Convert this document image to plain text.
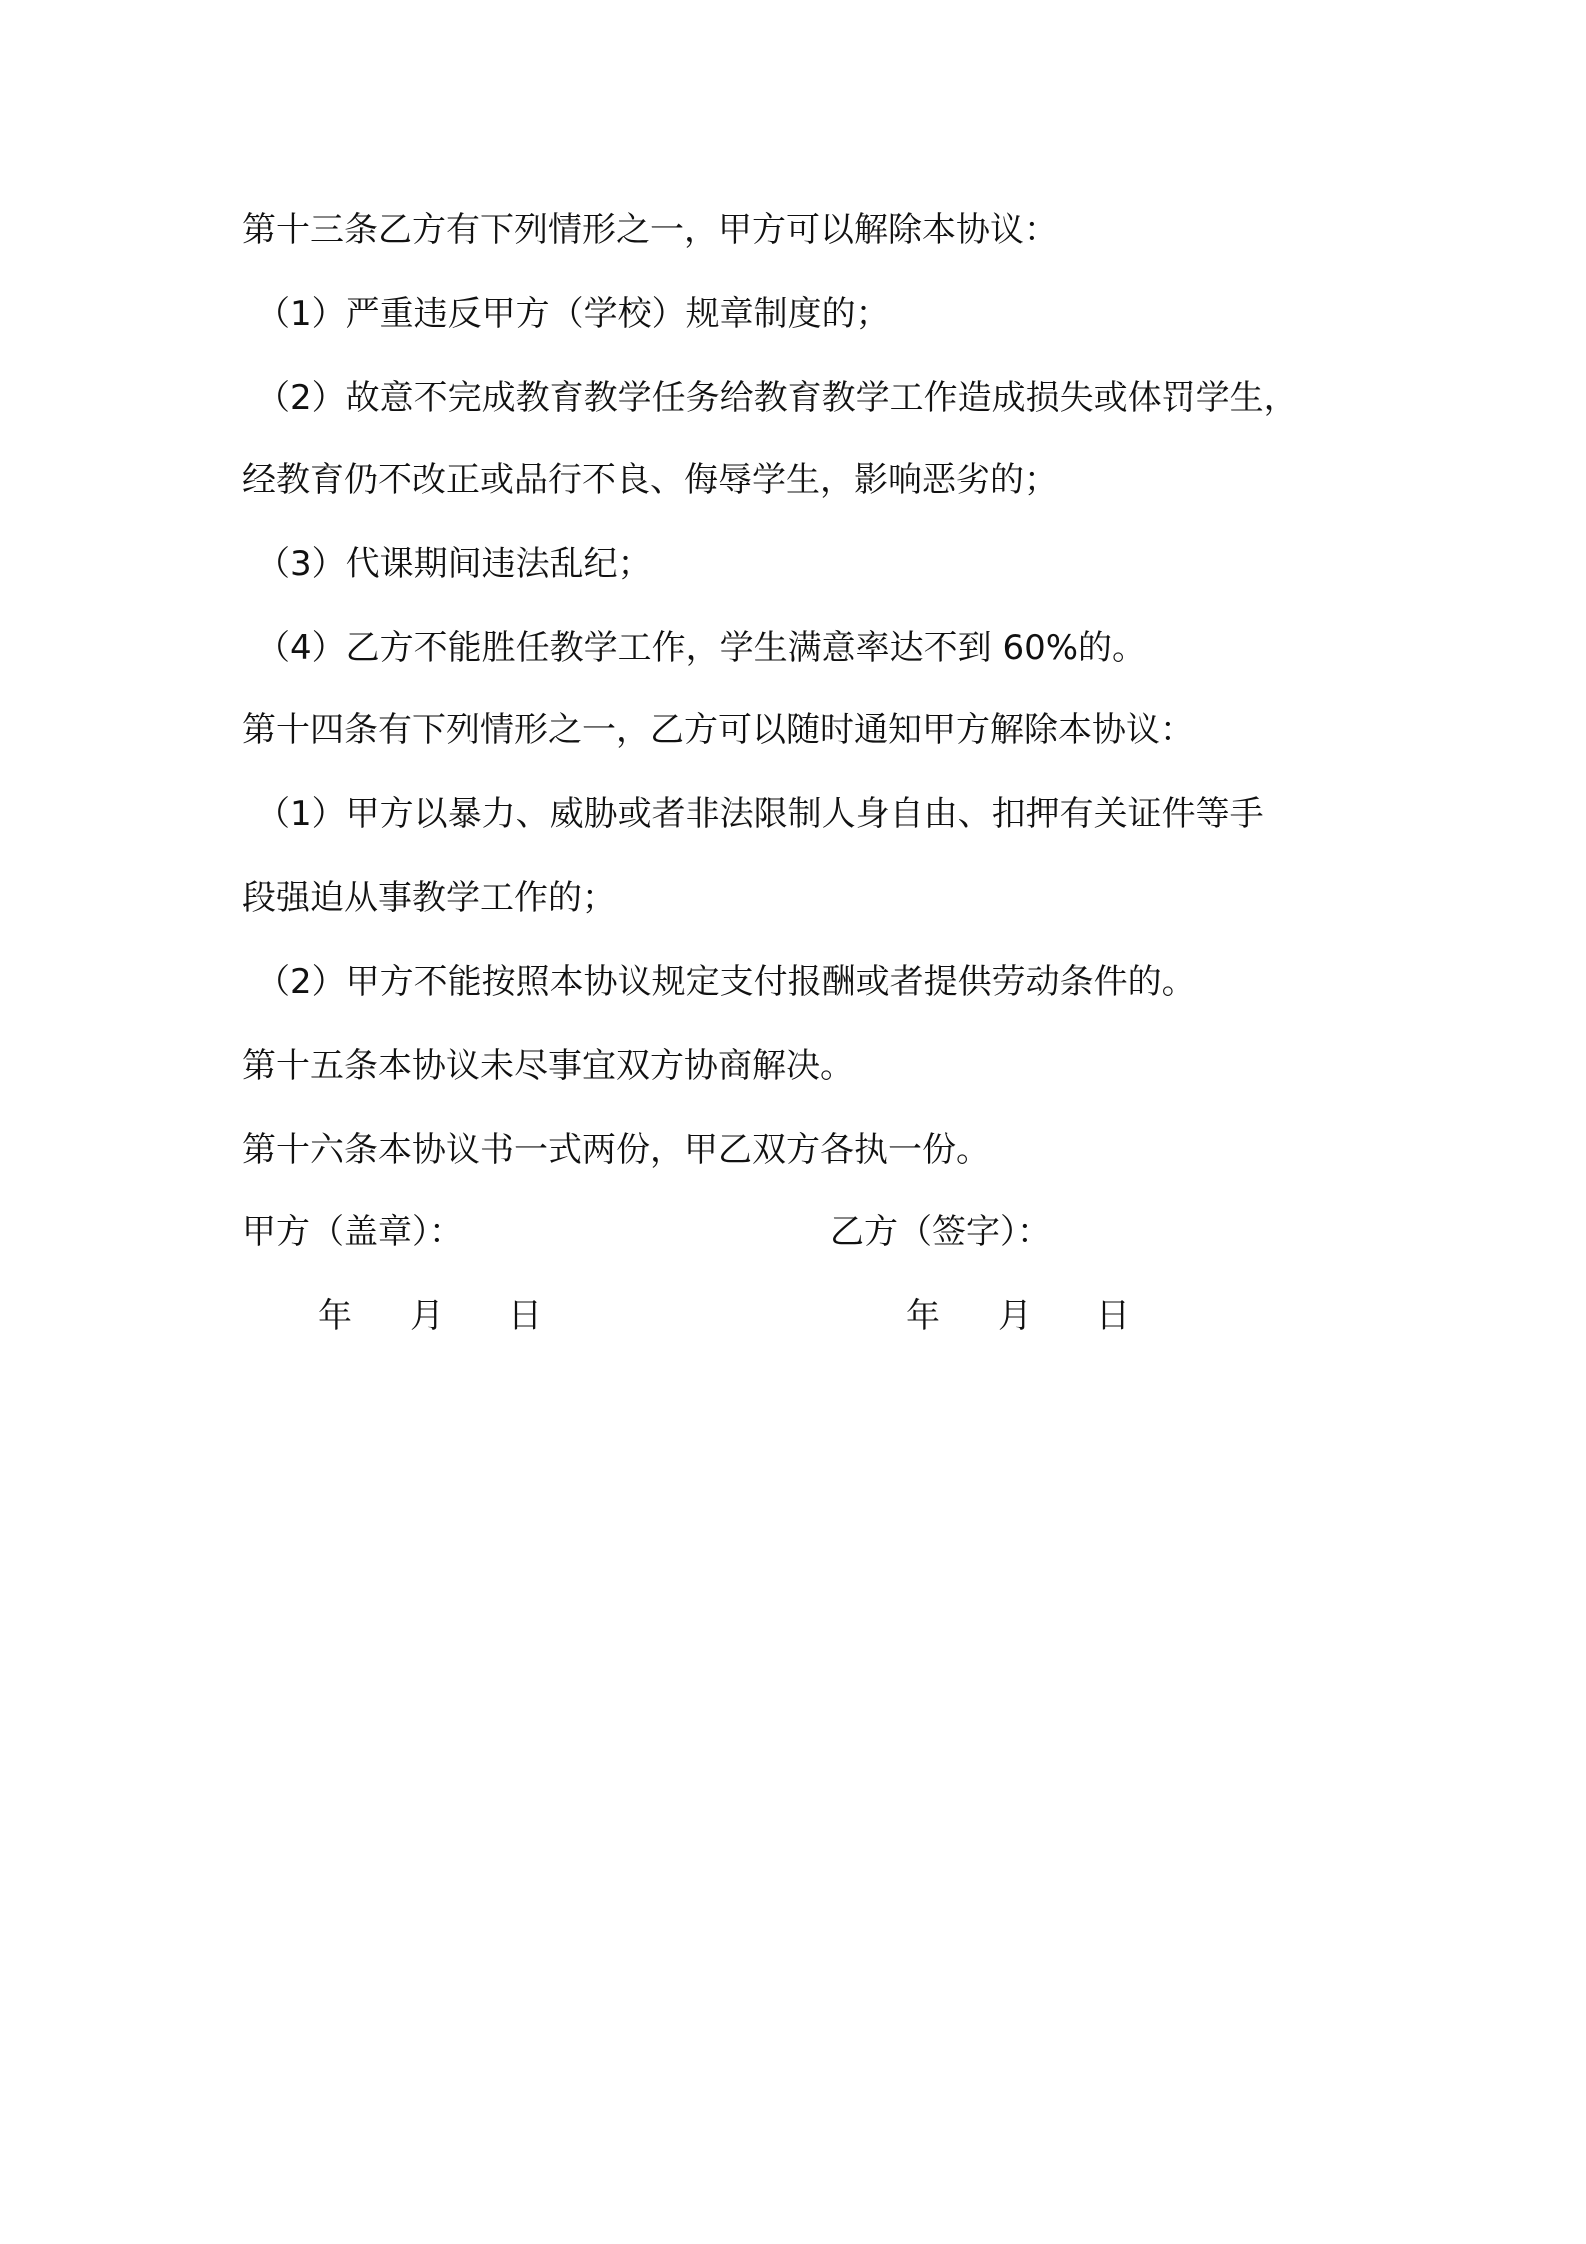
第十三条乙方有下列情形之一，甲方可以解除本协议：
（1）严重违反甲方（学校）规章制度的；
（2）故意不完成教育教学任务给教育教学工作造成损失或体罚学生，
经教育仍不改正或品行不良、侮辱学生，影响恶劣的；
（3）代课期间违法乱纪；
（4）乙方不能胜任教学工作，学生满意率达不到 60%的。
第十四条有下列情形之一，乙方可以随时通知甲方解除本协议：
（1）甲方以暴力、威胁或者非法限制人身自由、扣押有关证件等手
段强迫从事教学工作的；
（2）甲方不能按照本协议规定支付报酬或者提供劳动条件的。
第十五条本协议未尽事宜双方协商解决。
第十六条本协议书一式两份，甲乙双方各执一份。
甲方（盖章）：	乙方（签字）：
年 月 日	年 月 日
